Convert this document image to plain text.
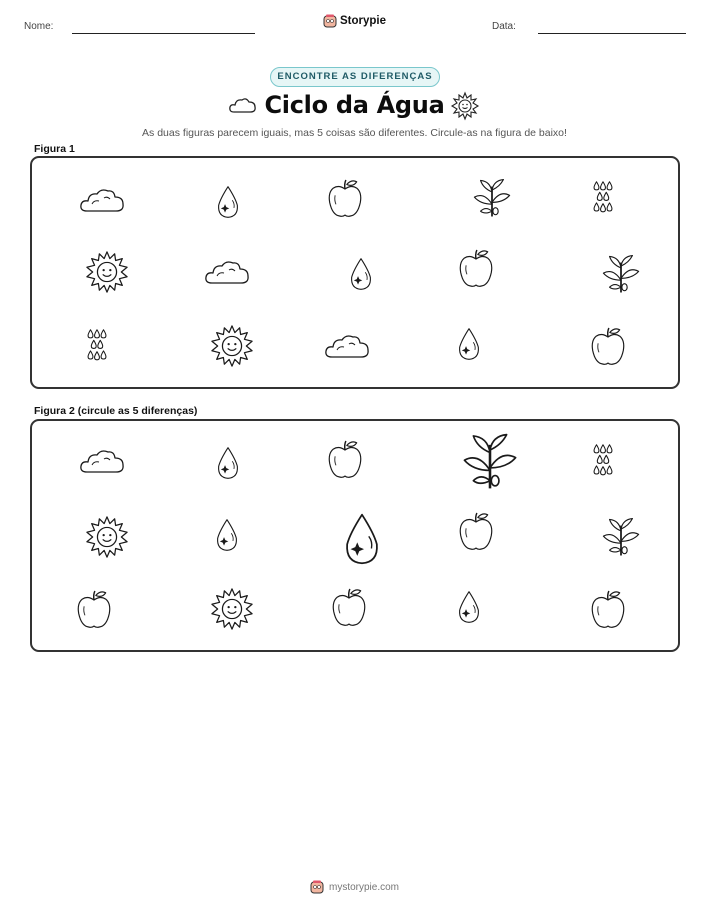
Nome:	Storypie	Data:
ENCONTRE AS DIFERENÇAS
Ciclo da Água
As duas figuras parecem iguais, mas 5 coisas são diferentes. Circule-as na figura de baixo!
Figura 1
Figura 2 (circule as 5 diferenças)
mystorypie.com
